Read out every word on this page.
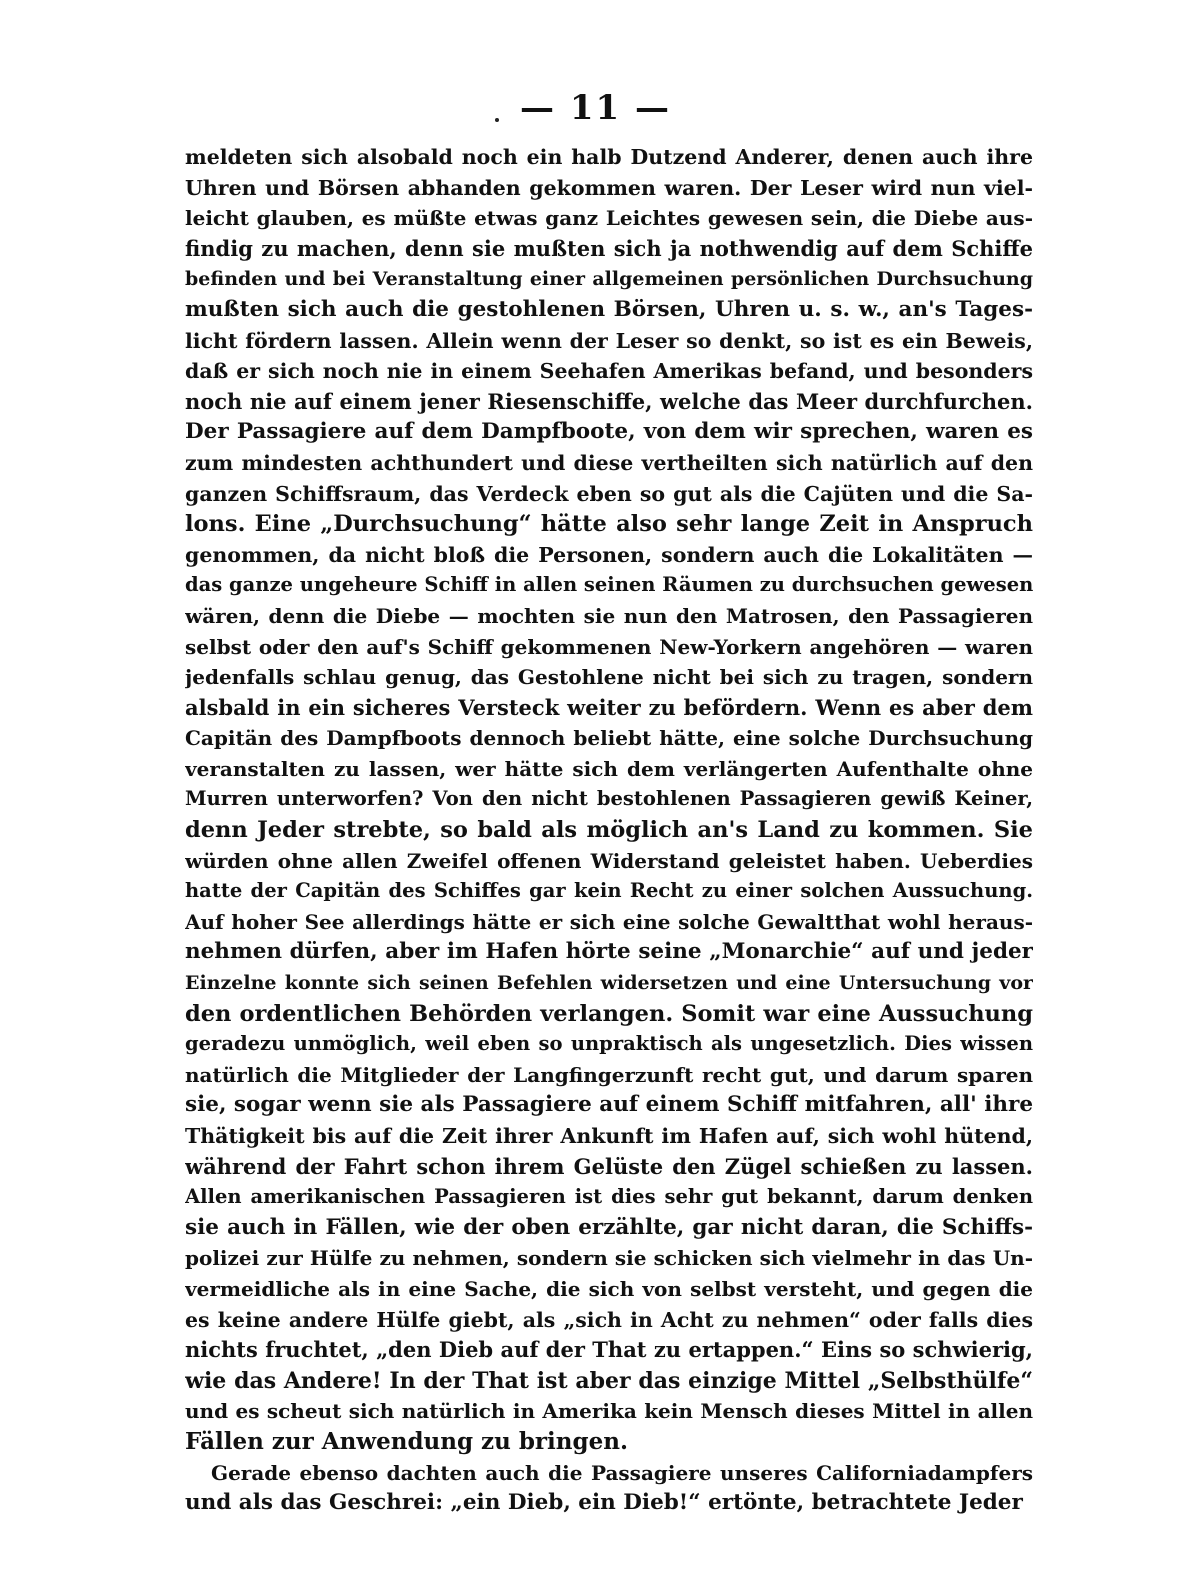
— 11 —
meldeten sich alsobald noch ein halb Dutzend Anderer, denen auch ihre
Uhren und Börsen abhanden gekommen waren. Der Leser wird nun viel-
leicht glauben, es müßte etwas ganz Leichtes gewesen sein, die Diebe aus-
findig zu machen, denn sie mußten sich ja nothwendig auf dem Schiffe
befinden und bei Veranstaltung einer allgemeinen persönlichen Durchsuchung
mußten sich auch die gestohlenen Börsen, Uhren u. s. w., an's Tages-
licht fördern lassen. Allein wenn der Leser so denkt, so ist es ein Beweis,
daß er sich noch nie in einem Seehafen Amerikas befand, und besonders
noch nie auf einem jener Riesenschiffe, welche das Meer durchfurchen.
Der Passagiere auf dem Dampfboote, von dem wir sprechen, waren es
zum mindesten achthundert und diese vertheilten sich natürlich auf den
ganzen Schiffsraum, das Verdeck eben so gut als die Cajüten und die Sa-
lons. Eine „Durchsuchung“ hätte also sehr lange Zeit in Anspruch
genommen, da nicht bloß die Personen, sondern auch die Lokalitäten —
das ganze ungeheure Schiff in allen seinen Räumen zu durchsuchen gewesen
wären, denn die Diebe — mochten sie nun den Matrosen, den Passagieren
selbst oder den auf's Schiff gekommenen New-Yorkern angehören — waren
jedenfalls schlau genug, das Gestohlene nicht bei sich zu tragen, sondern
alsbald in ein sicheres Versteck weiter zu befördern. Wenn es aber dem
Capitän des Dampfboots dennoch beliebt hätte, eine solche Durchsuchung
veranstalten zu lassen, wer hätte sich dem verlängerten Aufenthalte ohne
Murren unterworfen? Von den nicht bestohlenen Passagieren gewiß Keiner,
denn Jeder strebte, so bald als möglich an's Land zu kommen. Sie
würden ohne allen Zweifel offenen Widerstand geleistet haben. Ueberdies
hatte der Capitän des Schiffes gar kein Recht zu einer solchen Aussuchung.
Auf hoher See allerdings hätte er sich eine solche Gewaltthat wohl heraus-
nehmen dürfen, aber im Hafen hörte seine „Monarchie“ auf und jeder
Einzelne konnte sich seinen Befehlen widersetzen und eine Untersuchung vor
den ordentlichen Behörden verlangen. Somit war eine Aussuchung
geradezu unmöglich, weil eben so unpraktisch als ungesetzlich. Dies wissen
natürlich die Mitglieder der Langfingerzunft recht gut, und darum sparen
sie, sogar wenn sie als Passagiere auf einem Schiff mitfahren, all' ihre
Thätigkeit bis auf die Zeit ihrer Ankunft im Hafen auf, sich wohl hütend,
während der Fahrt schon ihrem Gelüste den Zügel schießen zu lassen.
Allen amerikanischen Passagieren ist dies sehr gut bekannt, darum denken
sie auch in Fällen, wie der oben erzählte, gar nicht daran, die Schiffs-
polizei zur Hülfe zu nehmen, sondern sie schicken sich vielmehr in das Un-
vermeidliche als in eine Sache, die sich von selbst versteht, und gegen die
es keine andere Hülfe giebt, als „sich in Acht zu nehmen“ oder falls dies
nichts fruchtet, „den Dieb auf der That zu ertappen.“ Eins so schwierig,
wie das Andere! In der That ist aber das einzige Mittel „Selbsthülfe“
und es scheut sich natürlich in Amerika kein Mensch dieses Mittel in allen
Fällen zur Anwendung zu bringen.
Gerade ebenso dachten auch die Passagiere unseres Californiadampfers
und als das Geschrei: „ein Dieb, ein Dieb!“ ertönte, betrachtete Jeder
